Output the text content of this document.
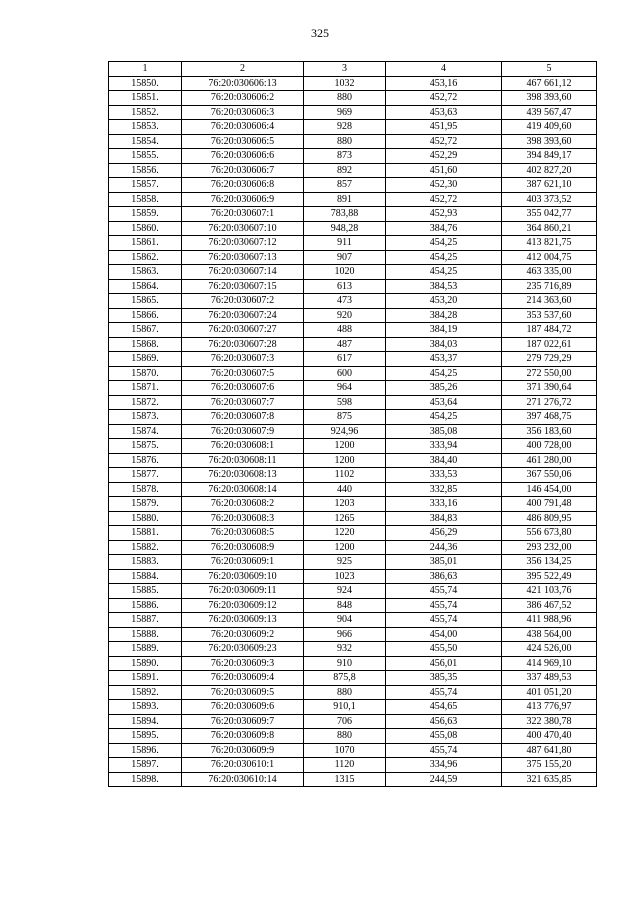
325
1	2	3	4	5
15850.	76:20:030606:13	1032	453,16	467 661,12
15851.	76:20:030606:2	880	452,72	398 393,60
15852.	76:20:030606:3	969	453,63	439 567,47
15853.	76:20:030606:4	928	451,95	419 409,60
15854.	76:20:030606:5	880	452,72	398 393,60
15855.	76:20:030606:6	873	452,29	394 849,17
15856.	76:20:030606:7	892	451,60	402 827,20
15857.	76:20:030606:8	857	452,30	387 621,10
15858.	76:20:030606:9	891	452,72	403 373,52
15859.	76:20:030607:1	783,88	452,93	355 042,77
15860.	76:20:030607:10	948,28	384,76	364 860,21
15861.	76:20:030607:12	911	454,25	413 821,75
15862.	76:20:030607:13	907	454,25	412 004,75
15863.	76:20:030607:14	1020	454,25	463 335,00
15864.	76:20:030607:15	613	384,53	235 716,89
15865.	76:20:030607:2	473	453,20	214 363,60
15866.	76:20:030607:24	920	384,28	353 537,60
15867.	76:20:030607:27	488	384,19	187 484,72
15868.	76:20:030607:28	487	384,03	187 022,61
15869.	76:20:030607:3	617	453,37	279 729,29
15870.	76:20:030607:5	600	454,25	272 550,00
15871.	76:20:030607:6	964	385,26	371 390,64
15872.	76:20:030607:7	598	453,64	271 276,72
15873.	76:20:030607:8	875	454,25	397 468,75
15874.	76:20:030607:9	924,96	385,08	356 183,60
15875.	76:20:030608:1	1200	333,94	400 728,00
15876.	76:20:030608:11	1200	384,40	461 280,00
15877.	76:20:030608:13	1102	333,53	367 550,06
15878.	76:20:030608:14	440	332,85	146 454,00
15879.	76:20:030608:2	1203	333,16	400 791,48
15880.	76:20:030608:3	1265	384,83	486 809,95
15881.	76:20:030608:5	1220	456,29	556 673,80
15882.	76:20:030608:9	1200	244,36	293 232,00
15883.	76:20:030609:1	925	385,01	356 134,25
15884.	76:20:030609:10	1023	386,63	395 522,49
15885.	76:20:030609:11	924	455,74	421 103,76
15886.	76:20:030609:12	848	455,74	386 467,52
15887.	76:20:030609:13	904	455,74	411 988,96
15888.	76:20:030609:2	966	454,00	438 564,00
15889.	76:20:030609:23	932	455,50	424 526,00
15890.	76:20:030609:3	910	456,01	414 969,10
15891.	76:20:030609:4	875,8	385,35	337 489,53
15892.	76:20:030609:5	880	455,74	401 051,20
15893.	76:20:030609:6	910,1	454,65	413 776,97
15894.	76:20:030609:7	706	456,63	322 380,78
15895.	76:20:030609:8	880	455,08	400 470,40
15896.	76:20:030609:9	1070	455,74	487 641,80
15897.	76:20:030610:1	1120	334,96	375 155,20
15898.	76:20:030610:14	1315	244,59	321 635,85
